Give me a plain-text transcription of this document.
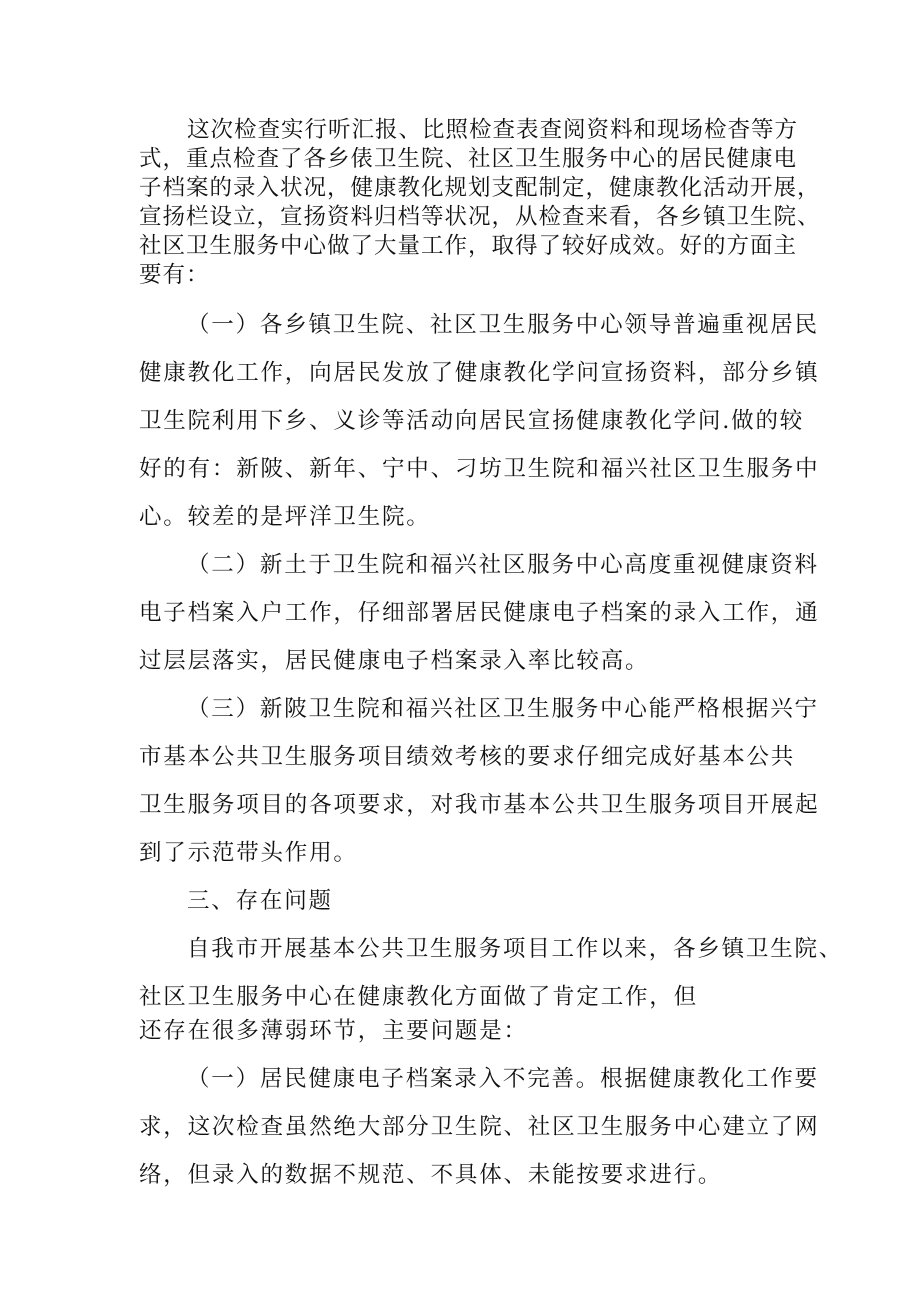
这次检查实行听汇报、比照检查表查阅资料和现场检杳等方
式，重点检查了各乡俵卫生院、社区卫生服务中心的居民健康电
子档案的录入状况，健康教化规划支配制定，健康教化活动开展，
宣扬栏设立，宣扬资料归档等状况，从检查来看，各乡镇卫生院、
社区卫生服务中心做了大量工作，取得了较好成效。好的方面主
要有：
（一）各乡镇卫生院、社区卫生服务中心领导普遍重视居民
健康教化工作，向居民发放了健康教化学问宣扬资料，部分乡镇
卫生院利用下乡、义诊等活动向居民宣扬健康教化学问.做的较
好的有：新陂、新年、宁中、刁坊卫生院和福兴社区卫生服务中
心。较差的是坪洋卫生院。
（二）新土于卫生院和福兴社区服务中心高度重视健康资料
电子档案入户工作，仔细部署居民健康电子档案的录入工作，通
过层层落实，居民健康电子档案录入率比较高。
（三）新陂卫生院和福兴社区卫生服务中心能严格根据兴宁
市基本公共卫生服务项目绩效考核的要求仔细完成好基本公共
卫生服务项目的各项要求，对我市基本公共卫生服务项目开展起
到了示范带头作用。
三、存在问题
自我市开展基本公共卫生服务项目工作以来，各乡镇卫生院、
社区卫生服务中心在健康教化方面做了肯定工作，但
还存在很多薄弱环节，主要问题是：
（一）居民健康电子档案录入不完善。根据健康教化工作要
求，这次检查虽然绝大部分卫生院、社区卫生服务中心建立了网
络，但录入的数据不规范、不具体、未能按要求进行。
